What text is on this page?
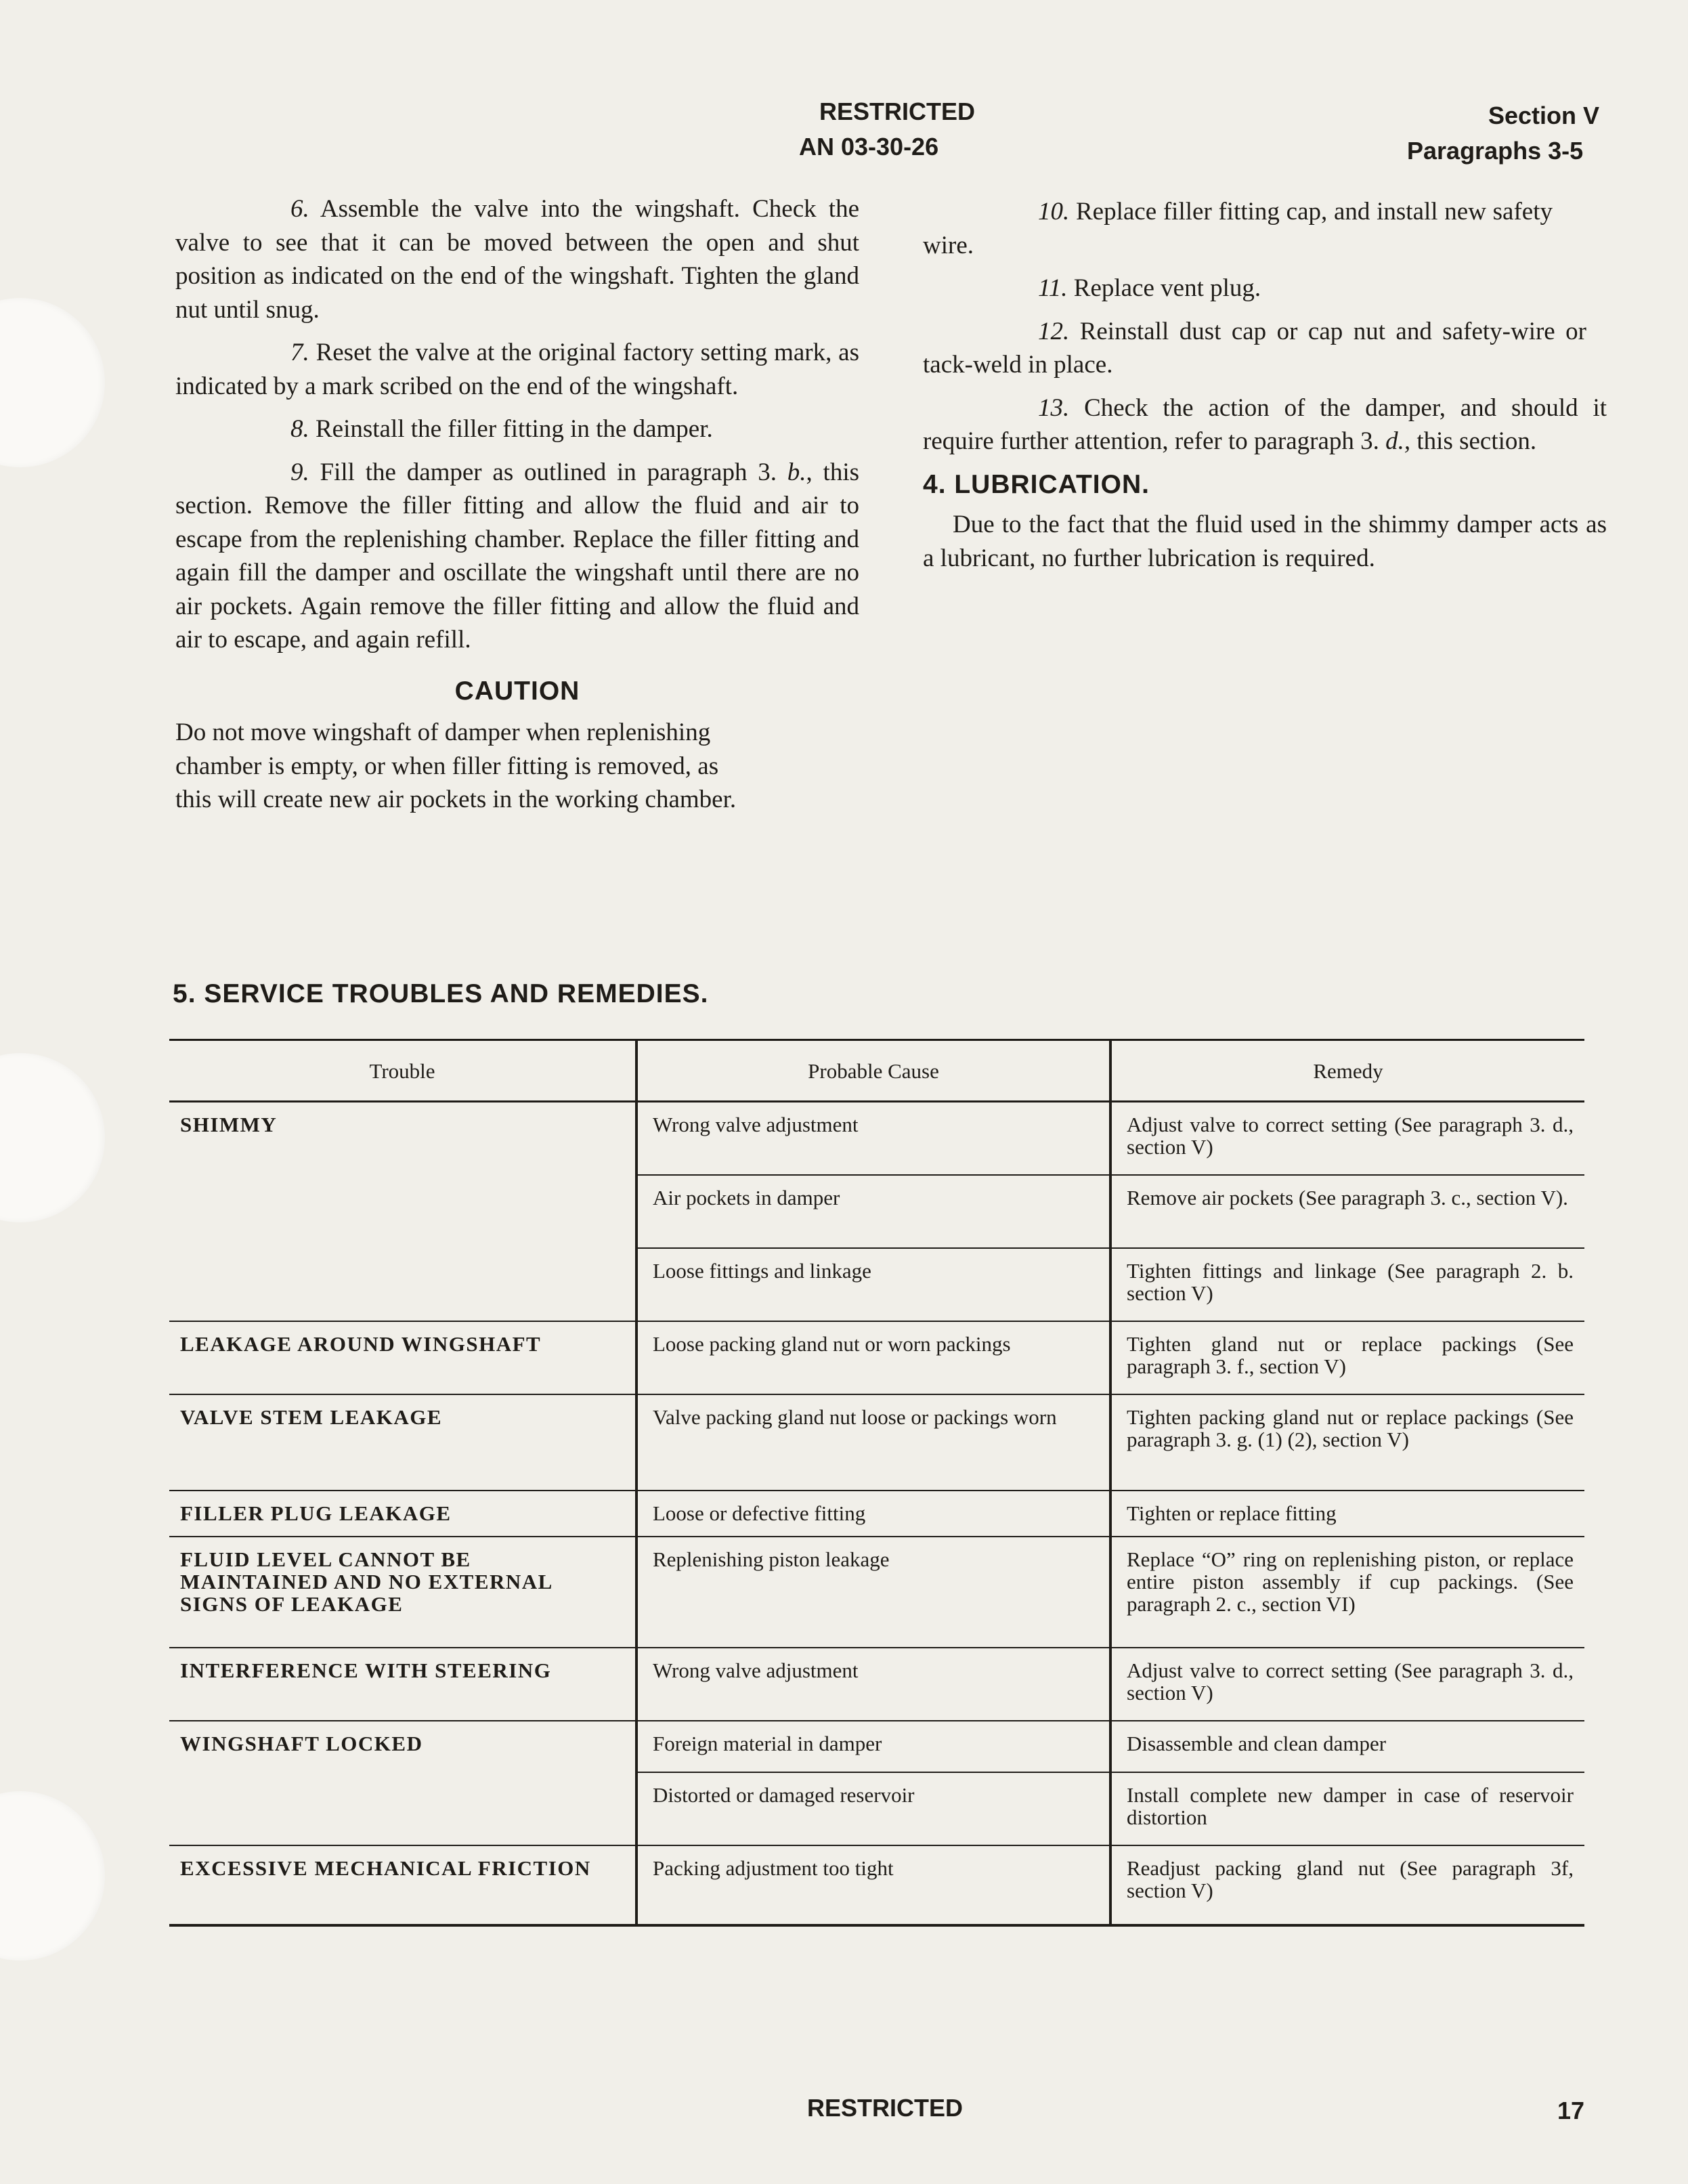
RESTRICTED
AN 03-30-26
Section V
Paragraphs 3-5

6. Assemble the valve into the wingshaft. Check the valve to see that it can be moved between the open and shut position as indicated on the end of the wingshaft. Tighten the gland nut until snug.

7. Reset the valve at the original factory setting mark, as indicated by a mark scribed on the end of the wingshaft.

8. Reinstall the filler fitting in the damper.

9. Fill the damper as outlined in paragraph 3. b., this section. Remove the filler fitting and allow the fluid and air to escape from the replenishing chamber. Replace the filler fitting and again fill the damper and oscillate the wingshaft until there are no air pockets. Again remove the filler fitting and allow the fluid and air to escape, and again refill.

CAUTION

Do not move wingshaft of damper when replenishing chamber is empty, or when filler fitting is removed, as this will create new air pockets in the working chamber.

10. Replace filler fitting cap, and install new safety wire.

11. Replace vent plug.

12. Reinstall dust cap or cap nut and safety-wire or tack-weld in place.

13. Check the action of the damper, and should it require further attention, refer to paragraph 3. d., this section.

4. LUBRICATION.

Due to the fact that the fluid used in the shimmy damper acts as a lubricant, no further lubrication is required.

5. SERVICE TROUBLES AND REMEDIES.
Trouble	Probable Cause	Remedy
SHIMMY	Wrong valve adjustment	Adjust valve to correct setting (See paragraph 3. d., section V)
	Air pockets in damper	Remove air pockets (See paragraph 3. c., section V).
	Loose fittings and linkage	Tighten fittings and linkage (See paragraph 2. b. section V)
LEAKAGE AROUND WINGSHAFT	Loose packing gland nut or worn packings	Tighten gland nut or replace packings (See paragraph 3. f., section V)
VALVE STEM LEAKAGE	Valve packing gland nut loose or packings worn	Tighten packing gland nut or replace packings (See paragraph 3. g. (1) (2), section V)
FILLER PLUG LEAKAGE	Loose or defective fitting	Tighten or replace fitting
FLUID LEVEL CANNOT BE MAINTAINED AND NO EXTERNAL SIGNS OF LEAKAGE	Replenishing piston leakage	Replace “O” ring on replenishing piston, or replace entire piston assembly if cup packings. (See paragraph 2. c., section VI)
INTERFERENCE WITH STEERING	Wrong valve adjustment	Adjust valve to correct setting (See paragraph 3. d., section V)
WINGSHAFT LOCKED	Foreign material in damper	Disassemble and clean damper
	Distorted or damaged reservoir	Install complete new damper in case of reservoir distortion
EXCESSIVE MECHANICAL FRICTION	Packing adjustment too tight	Readjust packing gland nut (See paragraph 3f, section V)
RESTRICTED	17
